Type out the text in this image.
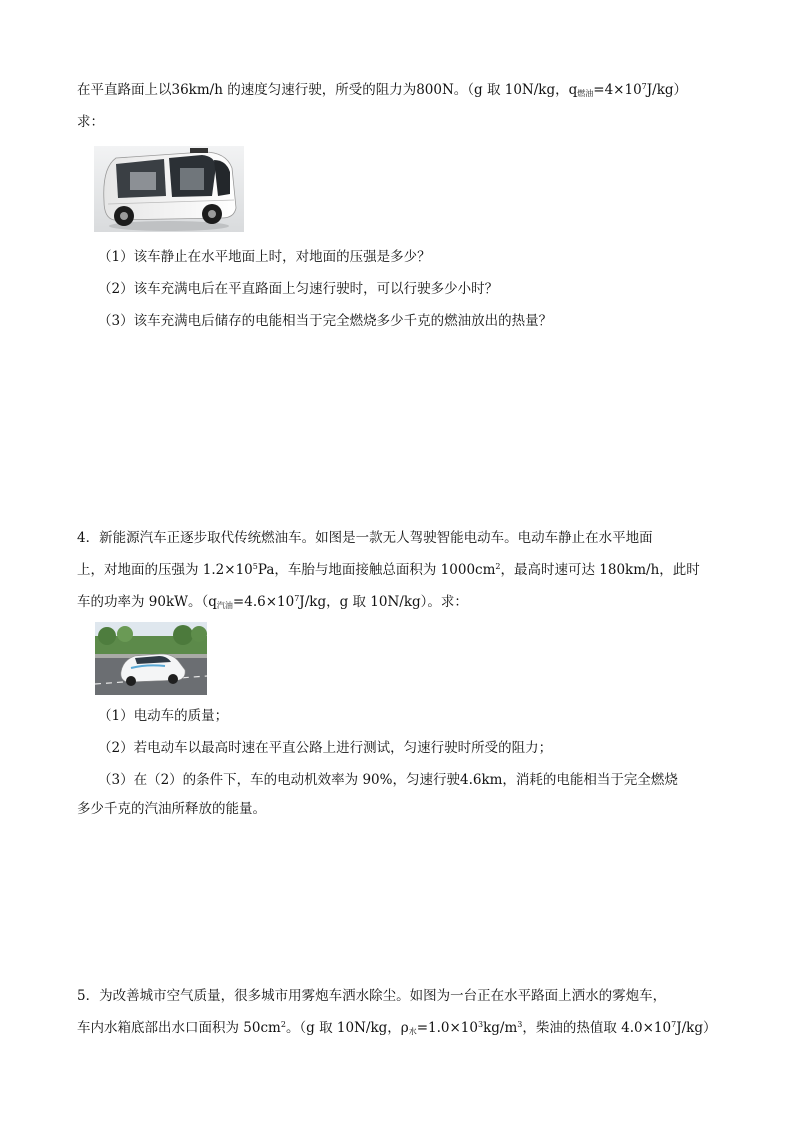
在平直路面上以36km/h 的速度匀速行驶，所受的阻力为800N。（g 取 10N/kg，q燃油$=4\times 10^7J/kg$）
求：
（1）该车静止在水平地面上时，对地面的压强是多少？
（2）该车充满电后在平直路面上匀速行驶时，可以行驶多少小时？
（3）该车充满电后储存的电能相当于完全燃烧多少千克的燃油放出的热量？
4．新能源汽车正逐步取代传统燃油车。如图是一款无人驾驶智能电动车。电动车静止在水平地面
上，对地面的压强为 $1.2\times 10^5Pa$，车胎与地面接触总面积为 $1000cm^2$，最高时速可达 180km/h，此时
车的功率为 90kW。（q汽油$=4.6\times 10^7J/kg$，g 取 10N/kg）。求：
（1）电动车的质量；
（2）若电动车以最高时速在平直公路上进行测试，匀速行驶时所受的阻力；
（3）在（2）的条件下，车的电动机效率为 90%，匀速行驶4.6km，消耗的电能相当于完全燃烧
多少千克的汽油所释放的能量。
5．为改善城市空气质量，很多城市用雾炮车洒水除尘。如图为一台正在水平路面上洒水的雾炮车，
车内水箱底部出水口面积为 $50cm^2$。（g 取 10N/kg，ρ水$=1.0\times 10^3kg/m^3$，柴油的热值取 $4.0\times 10^7J/kg$）
